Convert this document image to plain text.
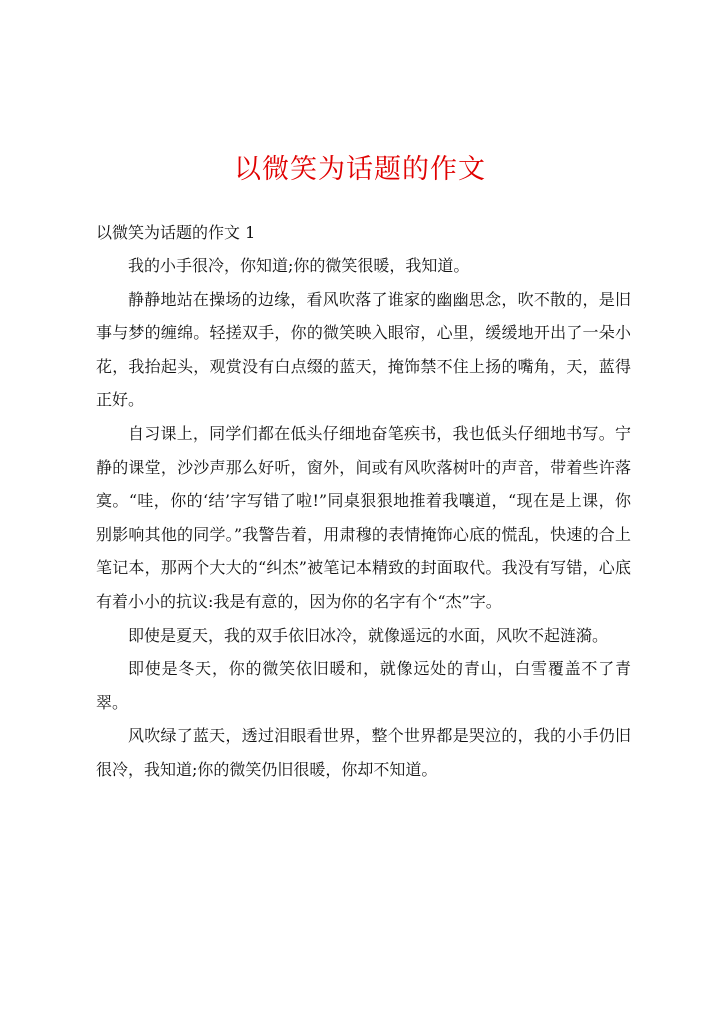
以微笑为话题的作文

以微笑为话题的作文 1

我的小手很冷，你知道;你的微笑很暖，我知道。

静静地站在操场的边缘，看风吹落了谁家的幽幽思念，吹不散的，是旧事与梦的缠绵。轻搓双手，你的微笑映入眼帘，心里，缓缓地开出了一朵小花，我抬起头，观赏没有白点缀的蓝天，掩饰禁不住上扬的嘴角，天，蓝得正好。

自习课上，同学们都在低头仔细地奋笔疾书，我也低头仔细地书写。宁静的课堂，沙沙声那么好听，窗外，间或有风吹落树叶的声音，带着些许落寞。“哇，你的‘结’字写错了啦!”同桌狠狠地推着我嚷道，“现在是上课，你别影响其他的同学。”我警告着，用肃穆的表情掩饰心底的慌乱，快速的合上笔记本，那两个大大的“纠杰”被笔记本精致的封面取代。我没有写错，心底有着小小的抗议:我是有意的，因为你的名字有个“杰”字。

即使是夏天，我的双手依旧冰冷，就像遥远的水面，风吹不起涟漪。

即使是冬天，你的微笑依旧暖和，就像远处的青山，白雪覆盖不了青翠。

风吹绿了蓝天，透过泪眼看世界，整个世界都是哭泣的，我的小手仍旧很冷，我知道;你的微笑仍旧很暖，你却不知道。
